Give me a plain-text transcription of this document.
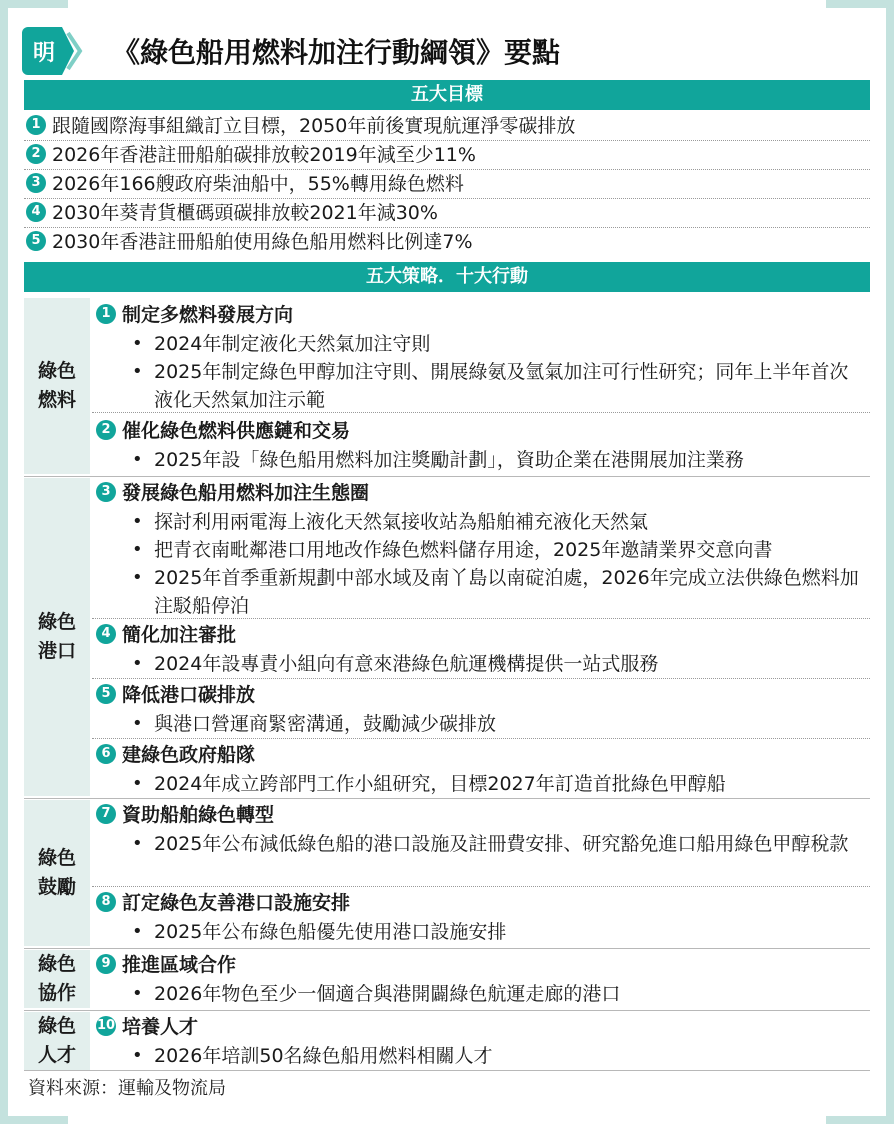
明 《綠色船用燃料加注行動綱領》要點
五大目標
1 跟隨國際海事組織訂立目標，2050年前後實現航運淨零碳排放
2 2026年香港註冊船舶碳排放較2019年減至少11%
3 2026年166艘政府柴油船中，55%轉用綠色燃料
4 2030年葵青貨櫃碼頭碳排放較2021年減30%
5 2030年香港註冊船舶使用綠色船用燃料比例達7%
五大策略．十大行動
綠色燃料
綠色港口
綠色鼓勵
綠色協作
綠色人才
1 制定多燃料發展方向
• 2024年制定液化天然氣加注守則
• 2025年制定綠色甲醇加注守則、開展綠氨及氫氣加注可行性研究；同年上半年首次液化天然氣加注示範
2 催化綠色燃料供應鏈和交易
• 2025年設「綠色船用燃料加注獎勵計劃」，資助企業在港開展加注業務
3 發展綠色船用燃料加注生態圈
• 探討利用兩電海上液化天然氣接收站為船舶補充液化天然氣
• 把青衣南毗鄰港口用地改作綠色燃料儲存用途，2025年邀請業界交意向書
• 2025年首季重新規劃中部水域及南丫島以南碇泊處，2026年完成立法供綠色燃料加注駁船停泊
4 簡化加注審批
• 2024年設專責小組向有意來港綠色航運機構提供一站式服務
5 降低港口碳排放
• 與港口營運商緊密溝通，鼓勵減少碳排放
6 建綠色政府船隊
• 2024年成立跨部門工作小組研究，目標2027年訂造首批綠色甲醇船
7 資助船舶綠色轉型
• 2025年公布減低綠色船的港口設施及註冊費安排、研究豁免進口船用綠色甲醇稅款
8 訂定綠色友善港口設施安排
• 2025年公布綠色船優先使用港口設施安排
9 推進區域合作
• 2026年物色至少一個適合與港開闢綠色航運走廊的港口
10 培養人才
• 2026年培訓50名綠色船用燃料相關人才
資料來源：運輸及物流局
